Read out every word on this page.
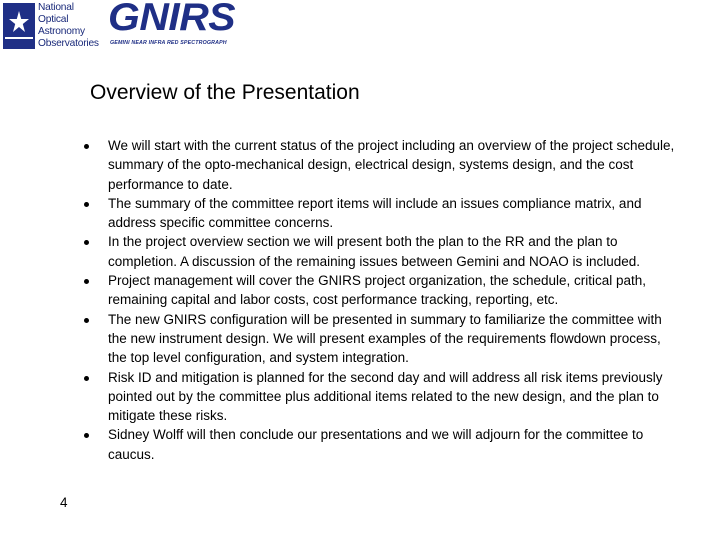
National
Optical
Astronomy
Observatories
GNIRS
GEMINI NEAR INFRA RED SPECTROGRAPH
Overview of the Presentation
We will start with the current status of the project including an overview of the project schedule, summary of the opto-mechanical design, electrical design, systems design, and the cost performance to date.
The summary of the committee report items will include an issues compliance matrix, and address specific committee concerns.
In the project overview section we will present both the plan to the RR and the plan to completion. A discussion of the remaining issues between Gemini and NOAO is included.
Project management will cover the GNIRS project organization, the schedule, critical path, remaining capital and labor costs, cost performance tracking, reporting, etc.
The new GNIRS configuration will be presented in summary to familiarize the committee with the new instrument design. We will present examples of the requirements flowdown process, the top level configuration, and system integration.
Risk ID and mitigation is planned for the second day and will address all risk items previously pointed out by the committee plus additional items related to the new design, and the plan to mitigate these risks.
Sidney Wolff will then conclude our presentations and we will adjourn for the committee to caucus.
4
